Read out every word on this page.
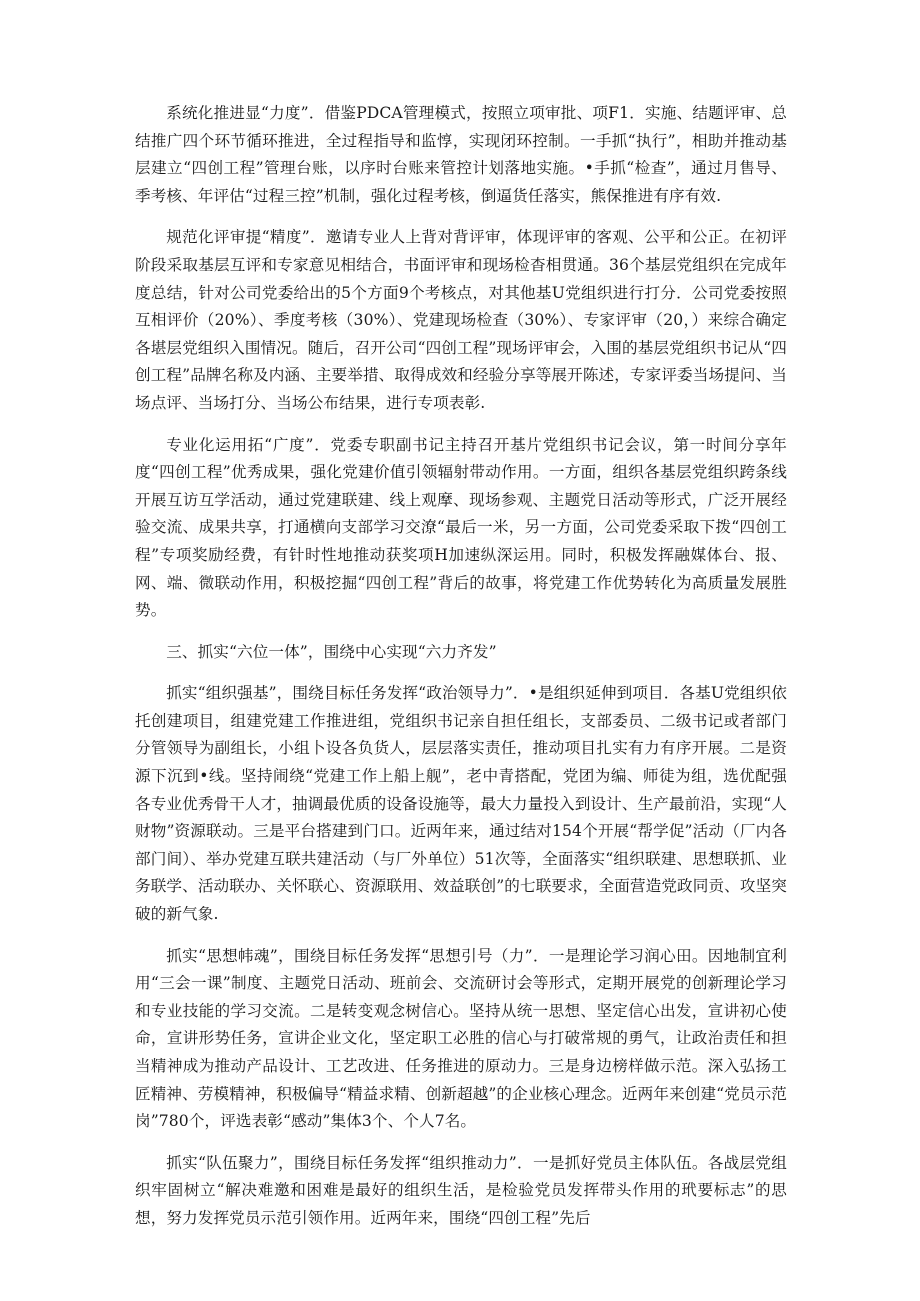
系统化推进显“力度”．借鉴PDCA管理模式，按照立项审批、项F1．实施、结题评审、总结推广四个环节循环推进，全过程指导和监惇，实现闭环控制。一手抓“执行”，相助并推动基层建立“四创工程”管理台账，以序时台账来管控计划落地实施。•手抓“检查”，通过月售导、季考核、年评估“过程三控”机制，强化过程考核，倒逼货任落实，熊保推进有序有效.

规范化评审提“精度”．邀请专业人上背对背评审，体现评审的客观、公平和公正。在初评阶段采取基层互评和专家意见相结合，书面评审和现场检杳相贯通。36个基层党组织在完成年度总结，针对公司党委给出的5个方面9个考核点，对其他基U党组织进行打分．公司党委按照互相评价（20%）、季度考核（30%）、党建现场检查（30%）、专家评审（20，）来综合确定各堪层党组织入围情况。随后，召开公司“四创工程”现场评审会，入围的基层党组织书记从“四创工程”品牌名称及内涵、主要举措、取得成效和经验分享等展开陈述，专家评委当场提问、当场点评、当场打分、当场公布结果，进行专项表彰.

专业化运用拓“广度”．党委专职副书记主持召开基片党组织书记会议，第一时间分享年度“四创工程”优秀成果，强化党建价值引领辐射带动作用。一方面，组织各基层党组织跨条线开展互访互学活动，通过党建联建、线上观摩、现场参观、主题党日活动等形式，广泛开展经验交流、成果共享，打通横向支部学习交潦“最后一米，另一方面，公司党委采取下拨“四创工程”专项奖励经费，有针时性地推动获奖项H加速纵深运用。同时，积极发挥融媒体台、报、网、端、微联动作用，积极挖掘“四创工程”背后的故事，将党建工作优势转化为高质量发展胜势。

三、抓实“六位一体”，围绕中心实现“六力齐发”

抓实“组织强基”，围绕目标任务发挥“政治领导力”．•是组织延伸到项目．各基U党组织依托创建项目，组建党建工作推进组，党组织书记亲自担任组长，支部委员、二级书记或者部门分管领导为副组长，小组卜设各负货人，层层落实责任，推动项目扎实有力有序开展。二是资源下沉到•线。坚持闹绕“党建工作上船上舰”，老中青搭配，党团为编、师徒为组，选优配强各专业优秀骨干人才，抽调最优质的设备设施等，最大力量投入到设计、生产最前沿，实现“人财物”资源联动。三是平台搭建到门口。近两年来，通过结对154个开展“帮学促”活动（厂内各部门间）、举办党建互联共建活动（与厂外单位）51次等，全面落实“组织联建、思想联抓、业务联学、活动联办、关怀联心、资源联用、效益联创”的七联要求，全面营造党政同贡、攻坚突破的新气象.

抓实“思想帏魂”，围绕目标任务发挥“思想引号（力”．一是理论学习润心田。因地制宜利用“三会一课”制度、主题党日活动、班前会、交流研讨会等形式，定期开展党的创新理论学习和专业技能的学习交流。二是转变观念树信心。坚持从统一思想、坚定信心出发，宣讲初心使命，宣讲形势任务，宣讲企业文化，坚定职工必胜的信心与打破常规的勇气，让政治责任和担当精神成为推动产品设计、工艺改进、任务推进的原动力。三是身边榜样做示范。深入弘扬工匠精神、劳模精神，积极偏导“精益求精、创新超越”的企业核心理念。近两年来创建“党员示范岗”780个，评选表彰“感动”集体3个、个人7名。

抓实“队伍聚力”，围绕目标任务发挥“组织推动力”．一是抓好党员主体队伍。各战层党组织牢固树立“解决难邀和困难是最好的组织生活，是检验党员发挥带头作用的玳要标志”的思想，努力发挥党员示范引领作用。近两年来，围绕“四创工程”先后
